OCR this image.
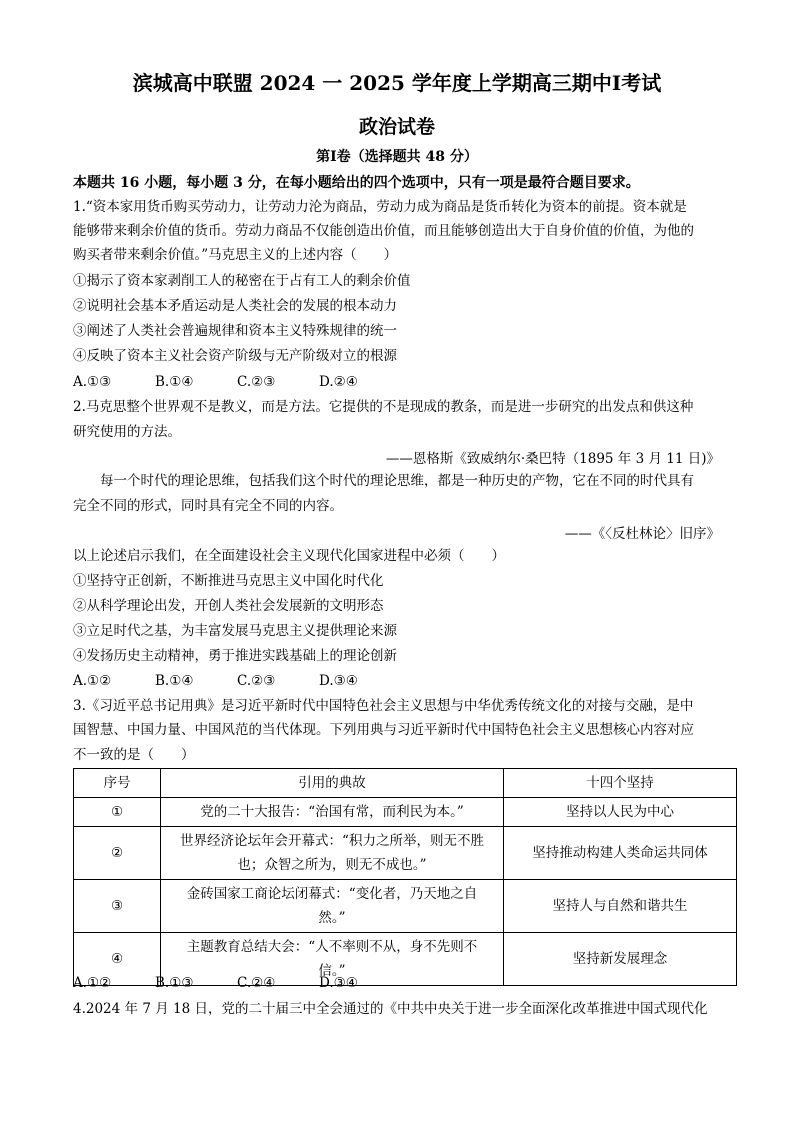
滨城高中联盟 2024 一 2025 学年度上学期高三期中Ⅰ考试
政治试卷
第Ⅰ卷（选择题共 48 分）
本题共 16 小题，每小题 3 分，在每小题给出的四个选项中，只有一项是最符合题目要求。
1.“资本家用货币购买劳动力，让劳动力沦为商品，劳动力成为商品是货币转化为资本的前提。资本就是
能够带来剩余价值的货币。劳动力商品不仅能创造出价值，而且能够创造出大于自身价值的价值，为他的
购买者带来剩余价值。”马克思主义的上述内容（　　）
①揭示了资本家剥削工人的秘密在于占有工人的剩余价值
②说明社会基本矛盾运动是人类社会的发展的根本动力
③阐述了人类社会普遍规律和资本主义特殊规律的统一
④反映了资本主义社会资产阶级与无产阶级对立的根源
A.①③	B.①④	C.②③	D.②④
2.马克思整个世界观不是教义，而是方法。它提供的不是现成的教条，而是进一步研究的出发点和供这种
研究使用的方法。
——恩格斯《致威纳尔·桑巴特（1895 年 3 月 11 日)》
　　每一个时代的理论思维，包括我们这个时代的理论思维，都是一种历史的产物，它在不同的时代具有
完全不同的形式，同时具有完全不同的内容。
——《〈反杜林论〉旧序》
以上论述启示我们，在全面建设社会主义现代化国家进程中必须（　　）
①坚持守正创新，不断推进马克思主义中国化时代化
②从科学理论出发，开创人类社会发展新的文明形态
③立足时代之基，为丰富发展马克思主义提供理论来源
④发扬历史主动精神，勇于推进实践基础上的理论创新
A.①②	B.①④	C.②③	D.③④
3.《习近平总书记用典》是习近平新时代中国特色社会主义思想与中华优秀传统文化的对接与交融，是中
国智慧、中国力量、中国风范的当代体现。下列用典与习近平新时代中国特色社会主义思想核心内容对应
不一致的是（　　）
序号	引用的典故	十四个坚持
①	党的二十大报告：“治国有常，而利民为本。”	坚持以人民为中心
②	世界经济论坛年会开幕式：“积力之所举，则无不胜
也；众智之所为，则无不成也。”	坚持推动构建人类命运共同体
③	金砖国家工商论坛闭幕式：“变化者，乃天地之自
然。”	坚持人与自然和谐共生
④	主题教育总结大会：“人不率则不从，身不先则不
信。”	坚持新发展理念
A.①②	B.①③	C.②④	D.③④
4.2024 年 7 月 18 日，党的二十届三中全会通过的《中共中央关于进一步全面深化改革推进中国式现代化
